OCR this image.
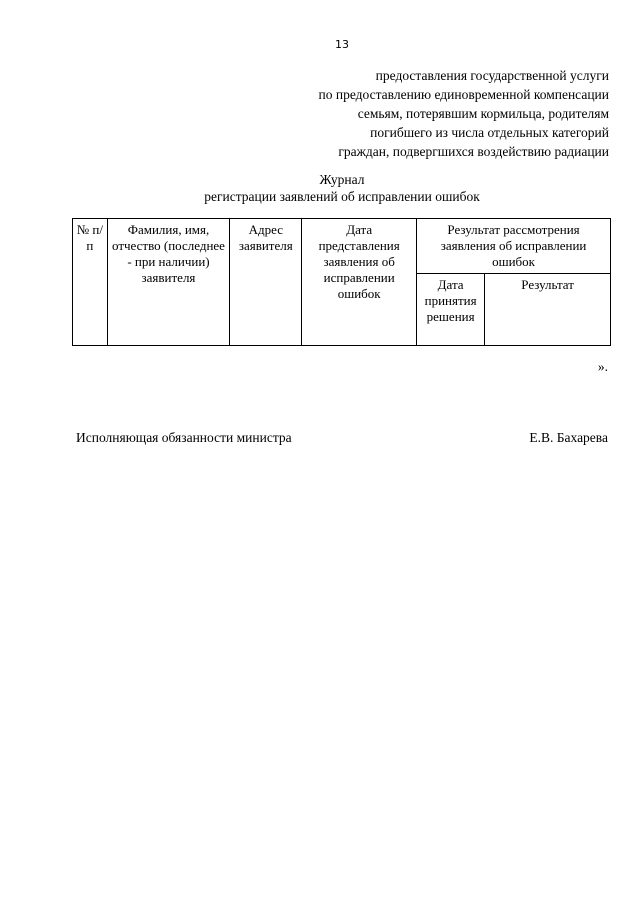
13
предоставления государственной услуги
по предоставлению единовременной компенсации
семьям, потерявшим кормильца, родителям
погибшего из числа отдельных категорий
граждан, подвергшихся воздействию радиации
Журнал
регистрации заявлений об исправлении ошибок
№ п/п	Фамилия, имя, отчество (последнее - при наличии) заявителя	Адрес заявителя	Дата представления заявления об исправлении ошибок	Результат рассмотрения заявления об исправлении ошибок	
				Дата принятия решения	Результат
».
Исполняющая обязанности министра	Е.В. Бахарева
